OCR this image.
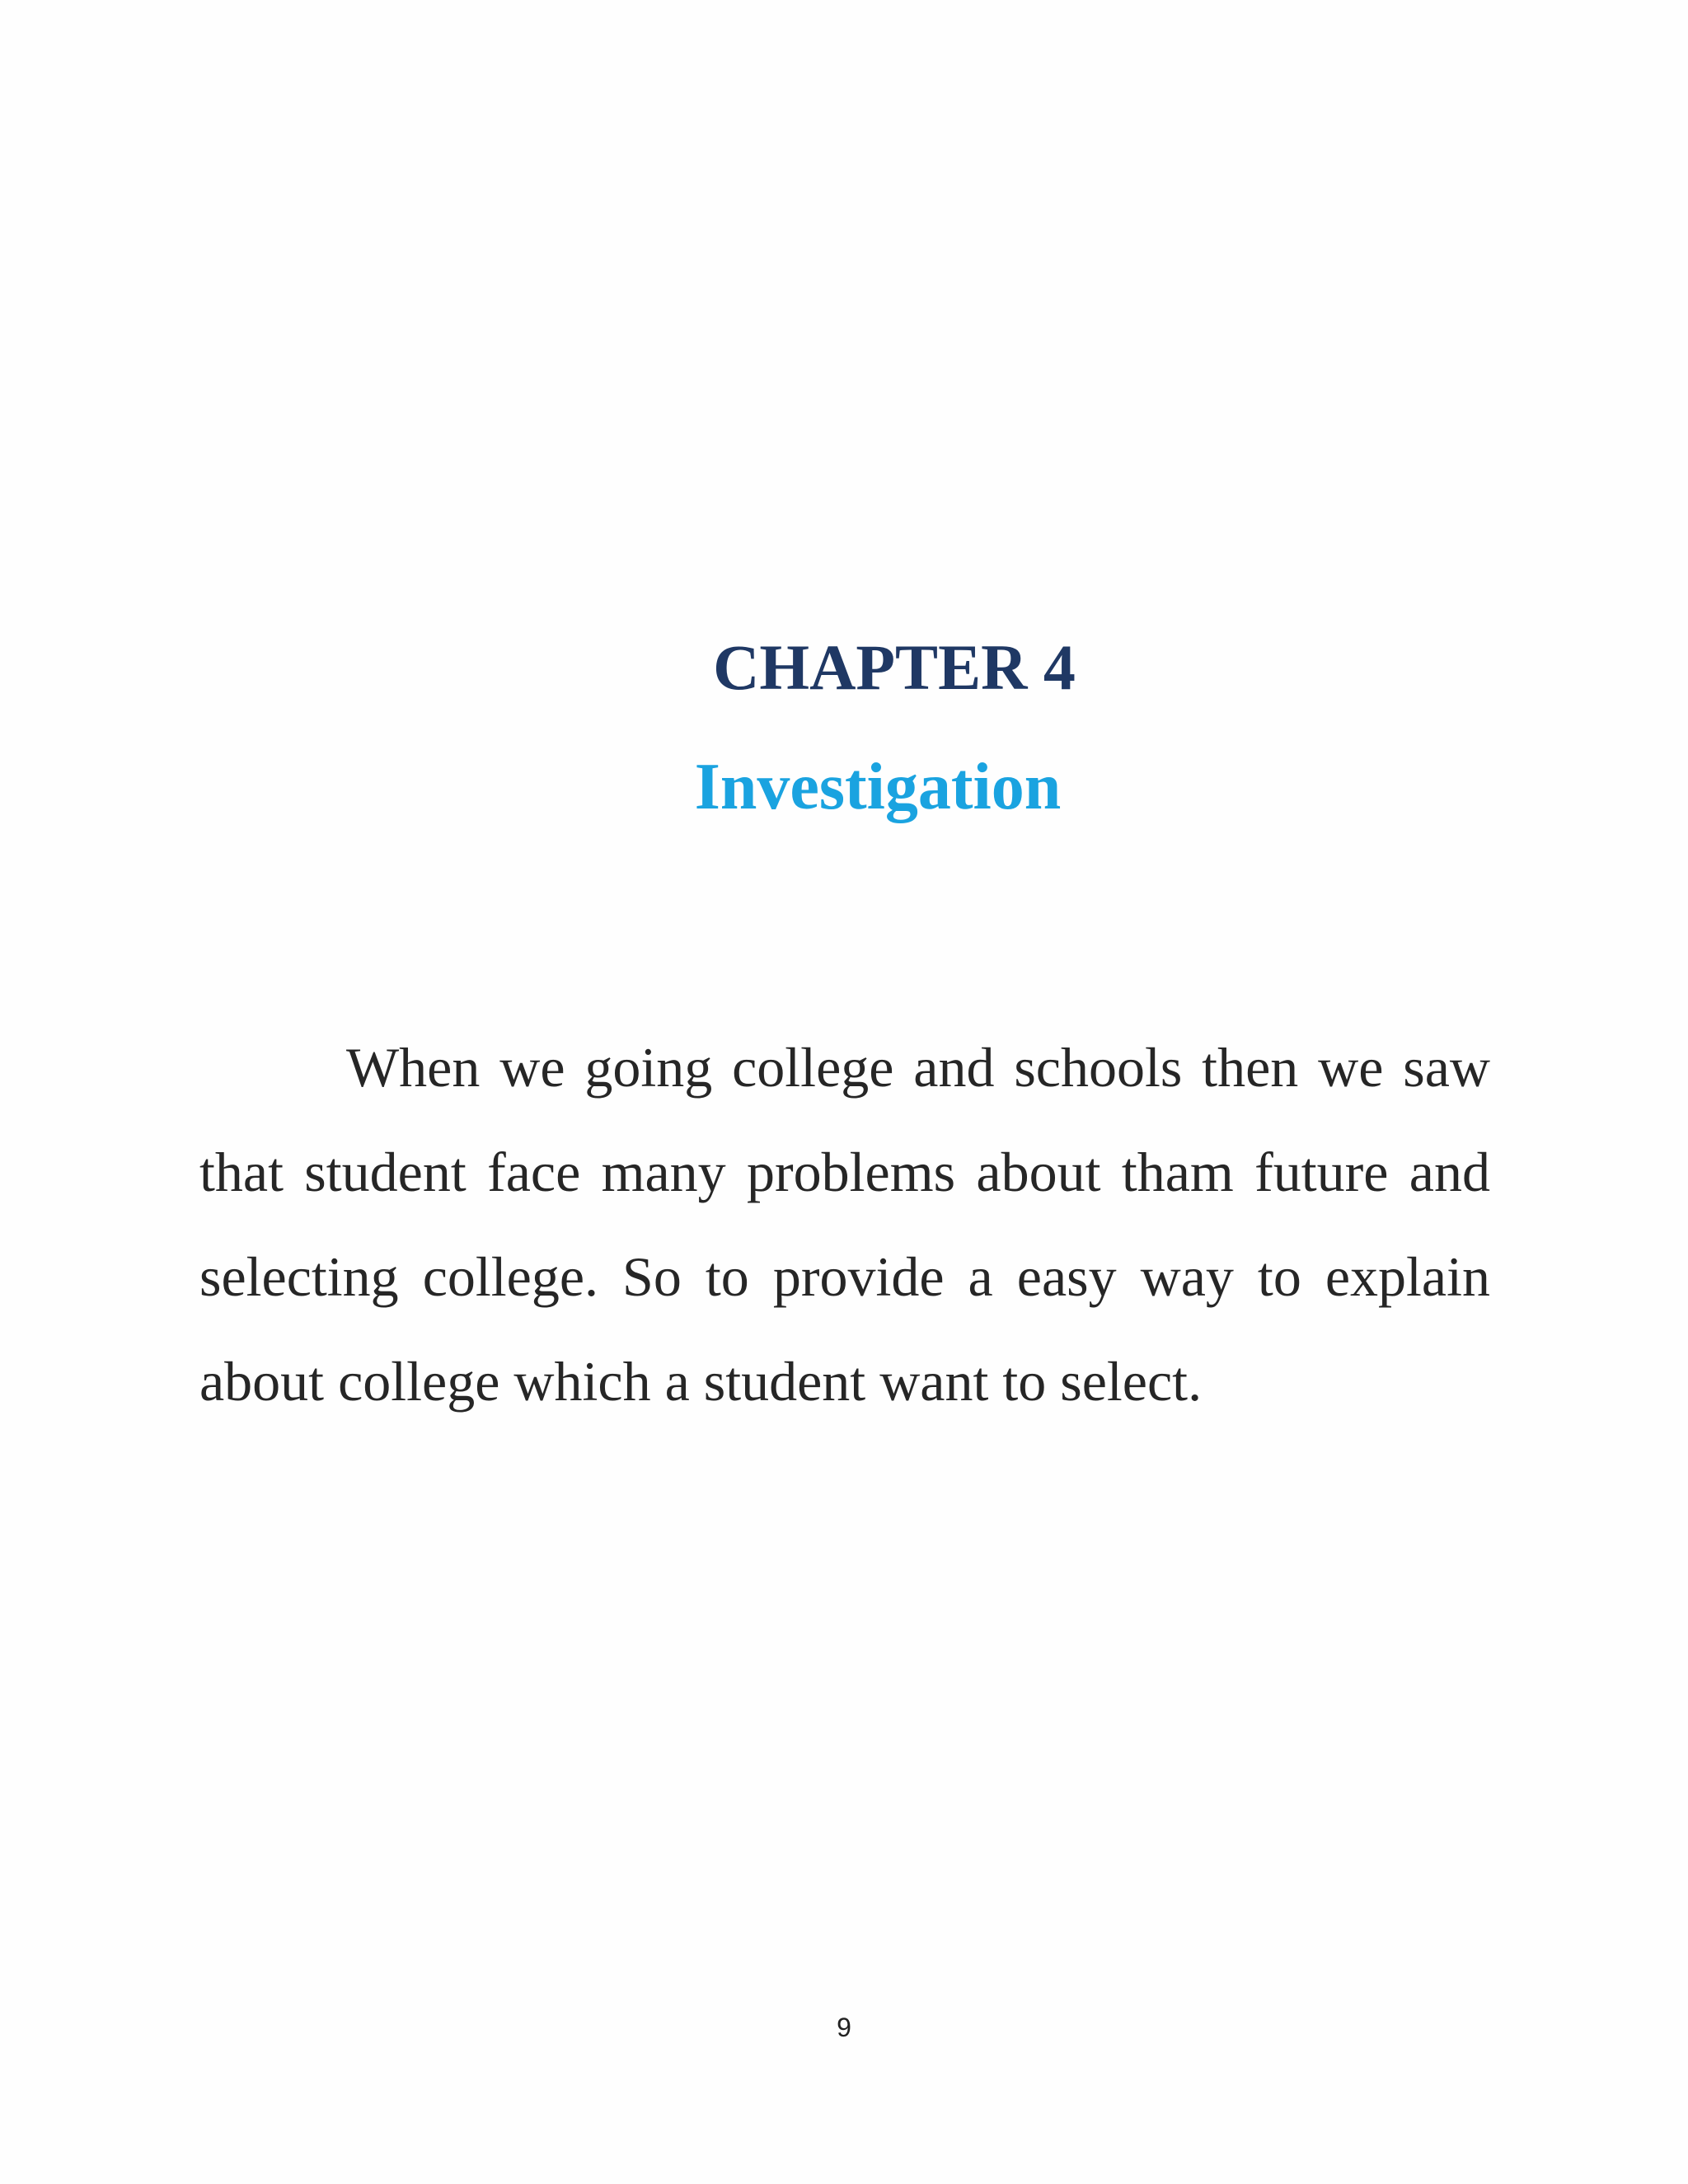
CHAPTER 4
Investigation

When we going college and schools then we saw that student face many problems about tham future and selecting college. So to provide a easy way to explain about college which a student want to select.

9
